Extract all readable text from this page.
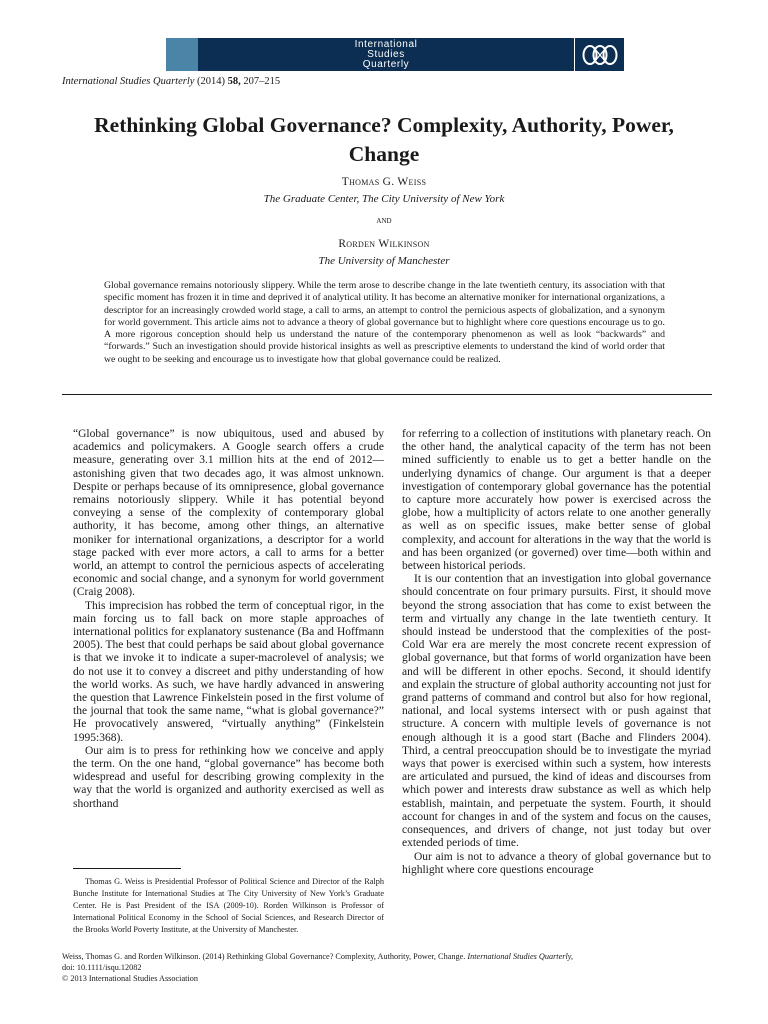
International
Studies
Quarterly
International Studies Quarterly (2014) 58, 207–215
Rethinking Global Governance? Complexity, Authority, Power, Change
Thomas G. Weiss
The Graduate Center, The City University of New York
and
Rorden Wilkinson
The University of Manchester
Global governance remains notoriously slippery. While the term arose to describe change in the late twentieth century, its association with that specific moment has frozen it in time and deprived it of analytical utility. It has become an alternative moniker for international organizations, a descriptor for an increasingly crowded world stage, a call to arms, an attempt to control the pernicious aspects of globalization, and a synonym for world government. This article aims not to advance a theory of global governance but to highlight where core questions encourage us to go. A more rigorous conception should help us understand the nature of the contemporary phenomenon as well as look “backwards” and “forwards.” Such an investigation should provide historical insights as well as prescriptive elements to understand the kind of world order that we ought to be seeking and encourage us to investigate how that global governance could be realized.

“Global governance” is now ubiquitous, used and abused by academics and policymakers. A Google search offers a crude measure, generating over 3.1 million hits at the end of 2012—astonishing given that two decades ago, it was almost unknown. Despite or perhaps because of its omnipresence, global governance remains notoriously slippery. While it has potential beyond conveying a sense of the complexity of contemporary global authority, it has become, among other things, an alternative moniker for international organizations, a descriptor for a world stage packed with ever more actors, a call to arms for a better world, an attempt to control the pernicious aspects of accelerating economic and social change, and a synonym for world government (Craig 2008).

This imprecision has robbed the term of conceptual rigor, in the main forcing us to fall back on more staple approaches of international politics for explanatory sustenance (Ba and Hoffmann 2005). The best that could perhaps be said about global governance is that we invoke it to indicate a super-macrolevel of analysis; we do not use it to convey a discreet and pithy understanding of how the world works. As such, we have hardly advanced in answering the question that Lawrence Finkelstein posed in the first volume of the journal that took the same name, “what is global governance?” He provocatively answered, “virtually anything” (Finkelstein 1995:368).

Our aim is to press for rethinking how we conceive and apply the term. On the one hand, “global governance” has become both widespread and useful for describing growing complexity in the way that the world is organized and authority exercised as well as shorthand

for referring to a collection of institutions with planetary reach. On the other hand, the analytical capacity of the term has not been mined sufficiently to enable us to get a better handle on the underlying dynamics of change. Our argument is that a deeper investigation of contemporary global governance has the potential to capture more accurately how power is exercised across the globe, how a multiplicity of actors relate to one another generally as well as on specific issues, make better sense of global complexity, and account for alterations in the way that the world is and has been organized (or governed) over time—both within and between historical periods.

It is our contention that an investigation into global governance should concentrate on four primary pursuits. First, it should move beyond the strong association that has come to exist between the term and virtually any change in the late twentieth century. It should instead be understood that the complexities of the post-Cold War era are merely the most concrete recent expression of global governance, but that forms of world organization have been and will be different in other epochs. Second, it should identify and explain the structure of global authority accounting not just for grand patterns of command and control but also for how regional, national, and local systems intersect with or push against that structure. A concern with multiple levels of governance is not enough although it is a good start (Bache and Flinders 2004). Third, a central preoccupation should be to investigate the myriad ways that power is exercised within such a system, how interests are articulated and pursued, the kind of ideas and discourses from which power and interests draw substance as well as which help establish, maintain, and perpetuate the system. Fourth, it should account for changes in and of the system and focus on the causes, consequences, and drivers of change, not just today but over extended periods of time.

Our aim is not to advance a theory of global governance but to highlight where core questions encourage

Thomas G. Weiss is Presidential Professor of Political Science and Director of the Ralph Bunche Institute for International Studies at The City University of New York’s Graduate Center. He is Past President of the ISA (2009-10). Rorden Wilkinson is Professor of International Political Economy in the School of Social Sciences, and Research Director of the Brooks World Poverty Institute, at the University of Manchester.

Weiss, Thomas G. and Rorden Wilkinson. (2014) Rethinking Global Governance? Complexity, Authority, Power, Change. International Studies Quarterly,
doi: 10.1111/isqu.12082
© 2013 International Studies Association
